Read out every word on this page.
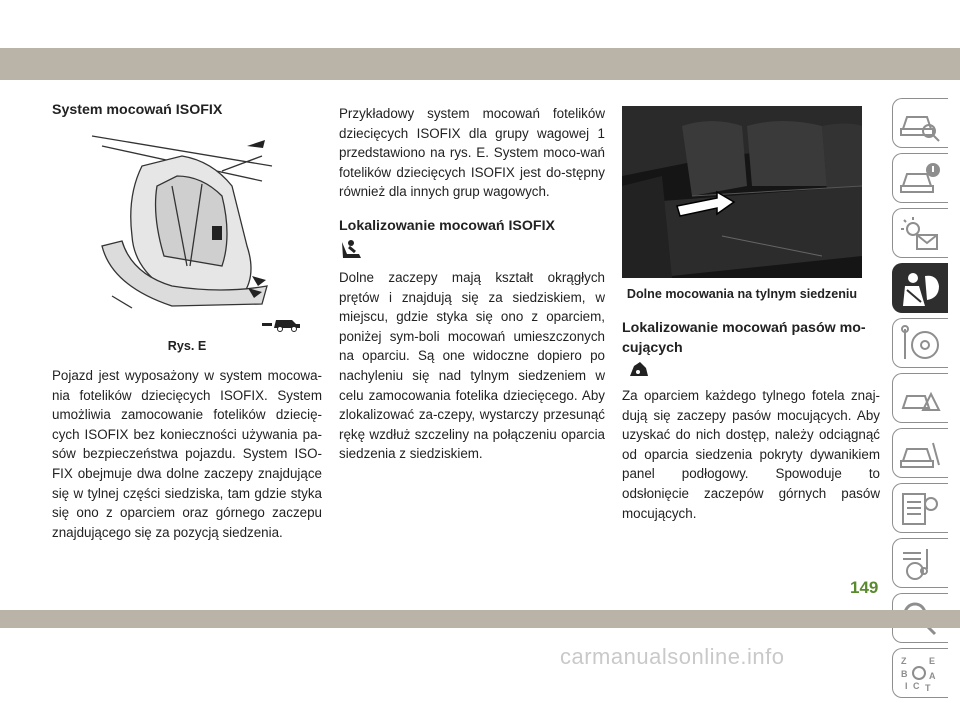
System mocowań ISOFIX
Rys. E

Pojazd jest wyposażony w system mocowa-nia fotelików dziecięcych ISOFIX. System umożliwia zamocowanie fotelików dziecię-cych ISOFIX bez konieczności używania pa-sów bezpieczeństwa pojazdu. System ISO-FIX obejmuje dwa dolne zaczepy znajdujące się w tylnej części siedziska, tam gdzie styka się ono z oparciem oraz górnego zaczepu znajdującego się za pozycją siedzenia.

Przykładowy system mocowań fotelików dziecięcych ISOFIX dla grupy wagowej 1 przedstawiono na rys. E. System moco-wań fotelików dziecięcych ISOFIX jest do-stępny również dla innych grup wagowych.

Lokalizowanie mocowań ISOFIX

Dolne zaczepy mają kształt okrągłych prętów i znajdują się za siedziskiem, w miejscu, gdzie styka się ono z oparciem, poniżej sym-boli mocowań umieszczonych na oparciu. Są one widoczne dopiero po nachyleniu się nad tylnym siedzeniem w celu zamocowania fotelika dziecięcego. Aby zlokalizować za-czepy, wystarczy przesunąć rękę wzdłuż szczeliny na połączeniu oparcia siedzenia z siedziskiem.

Dolne mocowania na tylnym siedzeniu
Lokalizowanie mocowań pasów mo-cujących

Za oparciem każdego tylnego fotela znaj-dują się zaczepy pasów mocujących. Aby uzyskać do nich dostęp, należy odciągnąć od oparcia siedzenia pokryty dywanikiem panel podłogowy. Spowoduje to odsłonięcie zaczepów górnych pasów mocujących.

Z	E
B A
I C T
149
carmanualsonline.info
